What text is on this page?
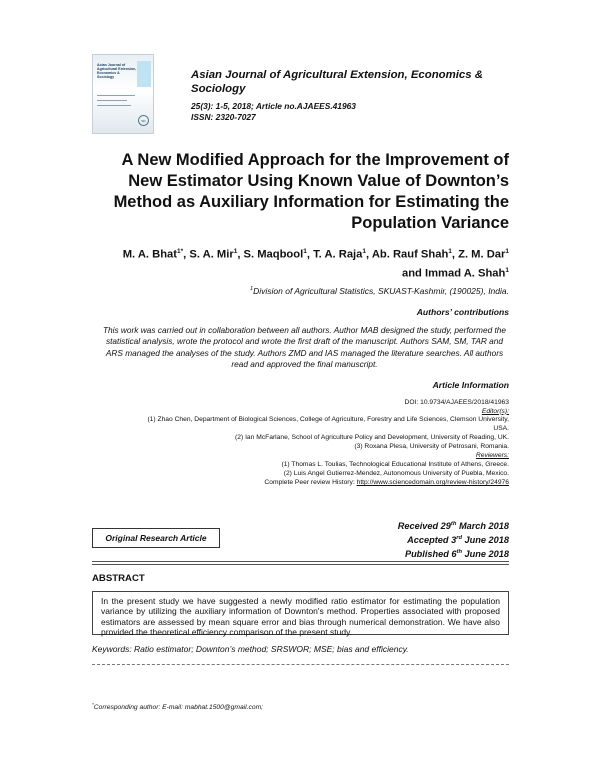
Asian Journal of Agricultural Extension, Economics & Sociology
SD
Asian Journal of Agricultural Extension, Economics & Sociology
25(3): 1-5, 2018; Article no.AJAEES.41963
ISSN: 2320-7027
A New Modified Approach for the Improvement of New Estimator Using Known Value of Downton’s Method as Auxiliary Information for Estimating the Population Variance
M. A. Bhat$^{1*}$, S. A. Mir$^1$, S. Maqbool$^1$, T. A. Raja$^1$, Ab. Rauf Shah$^1$, Z. M. Dar$^1$
and Immad A. Shah$^1$
$^1$Division of Agricultural Statistics, SKUAST-Kashmir, (190025), India.
Authors’ contributions
This work was carried out in collaboration between all authors. Author MAB designed the study, performed the statistical analysis, wrote the protocol and wrote the first draft of the manuscript. Authors SAM, SM, TAR and ARS managed the analyses of the study. Authors ZMD and IAS managed the literature searches. All authors read and approved the final manuscript.
Article Information
DOI: 10.9734/AJAEES/2018/41963
Editor(s):
(1) Zhao Chen, Department of Biological Sciences, College of Agriculture, Forestry and Life Sciences, Clemson University,
USA.
(2) Ian McFarlane, School of Agriculture Policy and Development, University of Reading, UK.
(3) Roxana Plesa, University of Petrosani, Romania.
Reviewers:
(1) Thomas L. Toulias, Technological Educational Institute of Athens, Greece.
(2) Luis Angel Gutierrez-Mendez, Autonomous University of Puebla, Mexico.
Complete Peer review History: http://www.sciencedomain.org/review-history/24976
Original Research Article
Received 29th March 2018
Accepted 3rd June 2018
Published 6th June 2018
ABSTRACT
In the present study we have suggested a newly modified ratio estimator for estimating the population variance by utilizing the auxiliary information of Downton's method. Properties associated with proposed estimators are assessed by mean square error and bias through numerical demonstration. We have also provided the theoretical efficiency comparison of the present study.
Keywords: Ratio estimator; Downton’s method; SRSWOR; MSE; bias and efficiency.
*Corresponding author: E-mail: mabhat.1500@gmail.com;
